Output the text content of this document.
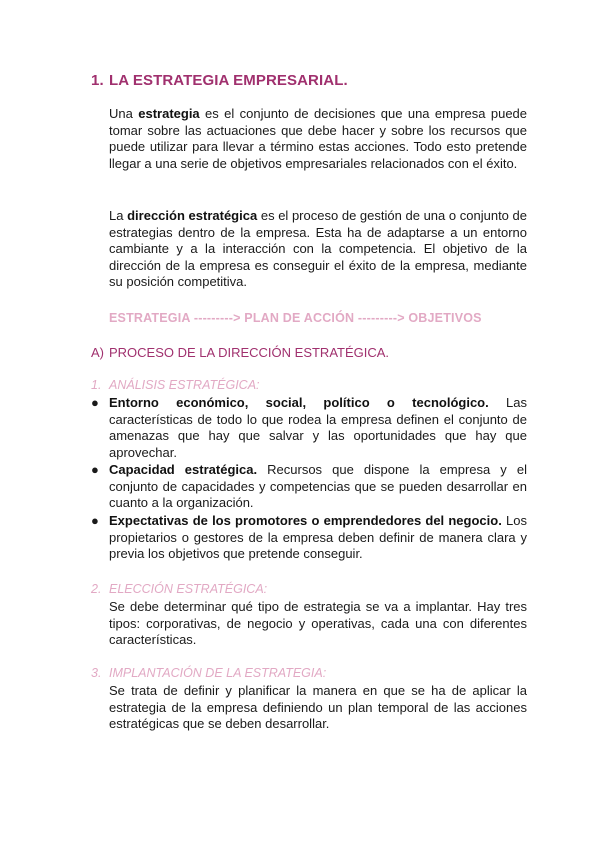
1. LA ESTRATEGIA EMPRESARIAL.

Una estrategia es el conjunto de decisiones que una empresa puede tomar sobre las actuaciones que debe hacer y sobre los recursos que puede utilizar para llevar a término estas acciones. Todo esto pretende llegar a una serie de objetivos empresariales relacionados con el éxito.

La dirección estratégica es el proceso de gestión de una o conjunto de estrategias dentro de la empresa. Esta ha de adaptarse a un entorno cambiante y a la interacción con la competencia. El objetivo de la dirección de la empresa es conseguir el éxito de la empresa, mediante su posición competitiva.

ESTRATEGIA ---------> PLAN DE ACCIÓN ---------> OBJETIVOS
A) PROCESO DE LA DIRECCIÓN ESTRATÉGICA.
1. ANÁLISIS ESTRATÉGICA:
● Entorno económico, social, político o tecnológico. Las características de todo lo que rodea la empresa definen el conjunto de amenazas que hay que salvar y las oportunidades que hay que aprovechar.
● Capacidad estratégica. Recursos que dispone la empresa y el conjunto de capacidades y competencias que se pueden desarrollar en cuanto a la organización.
● Expectativas de los promotores o emprendedores del negocio. Los propietarios o gestores de la empresa deben definir de manera clara y previa los objetivos que pretende conseguir.
2. ELECCIÓN ESTRATÉGICA:

Se debe determinar qué tipo de estrategia se va a implantar. Hay tres tipos: corporativas, de negocio y operativas, cada una con diferentes características.

3. IMPLANTACIÓN DE LA ESTRATEGIA:

Se trata de definir y planificar la manera en que se ha de aplicar la estrategia de la empresa definiendo un plan temporal de las acciones estratégicas que se deben desarrollar.
